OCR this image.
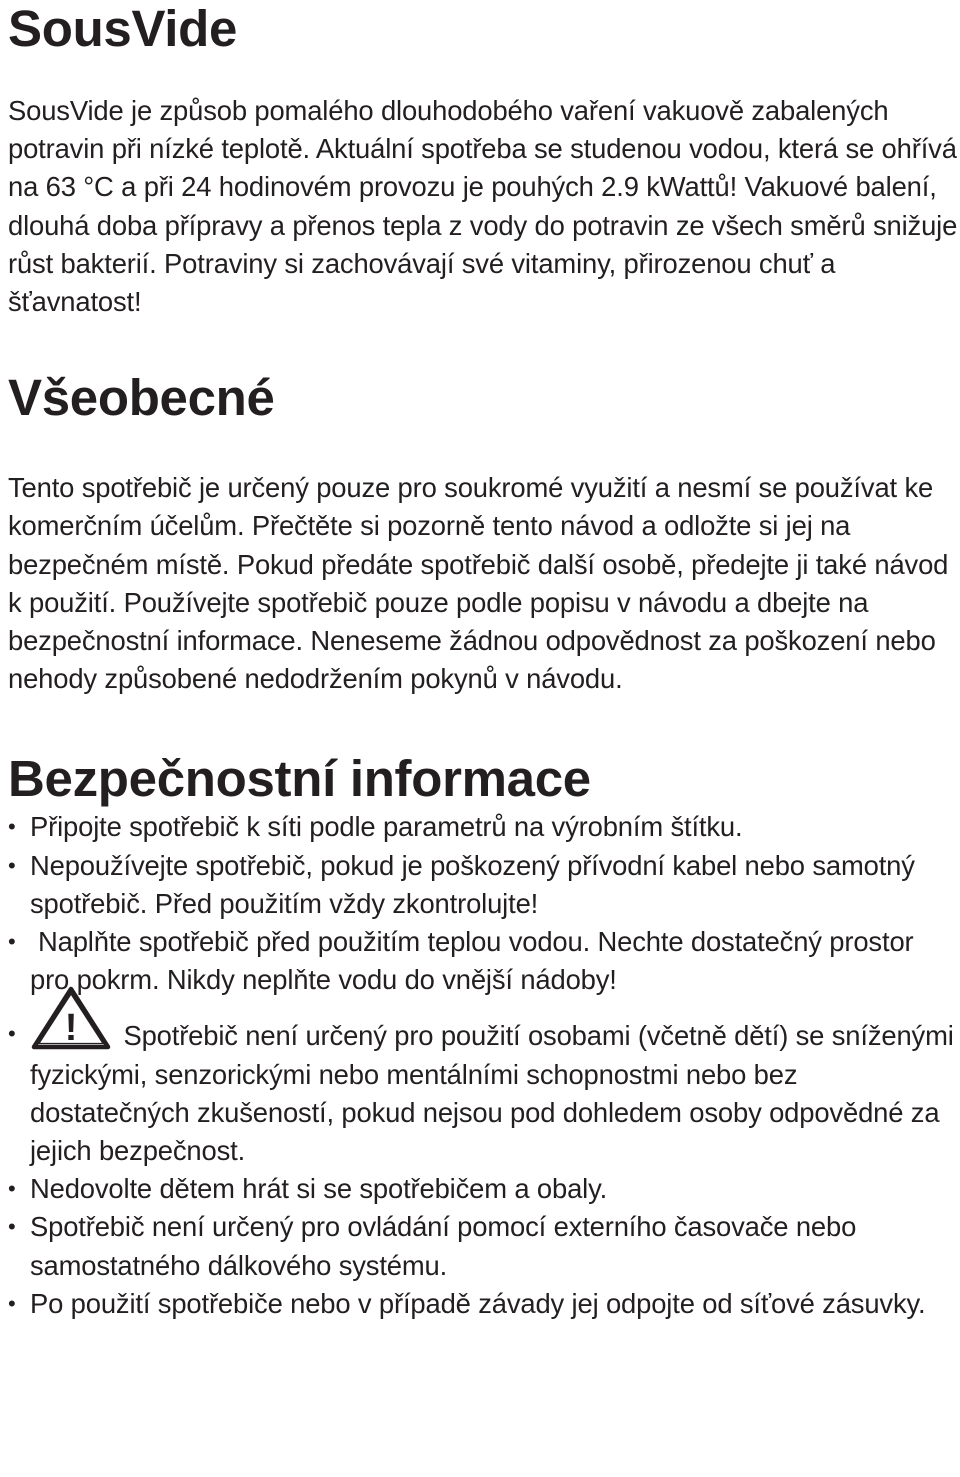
SousVide

SousVide je způsob pomalého dlouhodobého vaření vakuově zabalených potravin při nízké teplotě. Aktuální spotřeba se studenou vodou, která se ohřívá na 63 °C a při 24 hodinovém provozu je pouhých 2.9 kWattů! Vakuové balení, dlouhá doba přípravy a přenos tepla z vody do potravin ze všech směrů snižuje růst bakterií. Potraviny si zachovávají své vitaminy, přirozenou chuť a šťavnatost!

Všeobecné

Tento spotřebič je určený pouze pro soukromé využití a nesmí se používat ke komerčním účelům. Přečtěte si pozorně tento návod a odložte si jej na bezpečném místě. Pokud předáte spotřebič další osobě, předejte ji také návod k použití. Používejte spotřebič pouze podle popisu v návodu a dbejte na bezpečnostní informace. Neneseme žádnou odpovědnost za poškození nebo nehody způsobené nedodržením pokynů v návodu.

Bezpečnostní informace
• Připojte spotřebič k síti podle parametrů na výrobním štítku.
• Nepoužívejte spotřebič, pokud je poškozený přívodní kabel nebo samotný spotřebič. Před použitím vždy zkontrolujte!
• Naplňte spotřebič před použitím teplou vodou. Nechte dostatečný prostor pro pokrm. Nikdy neplňte vodu do vnější nádoby!
• ! Spotřebič není určený pro použití osobami (včetně dětí) se sníženými fyzickými, senzorickými nebo mentálními schopnostmi nebo bez dostatečných zkušeností, pokud nejsou pod dohledem osoby odpovědné za jejich bezpečnost.
• Nedovolte dětem hrát si se spotřebičem a obaly.
• Spotřebič není určený pro ovládání pomocí externího časovače nebo samostatného dálkového systému.
• Po použití spotřebiče nebo v případě závady jej odpojte od síťové zásuvky.
